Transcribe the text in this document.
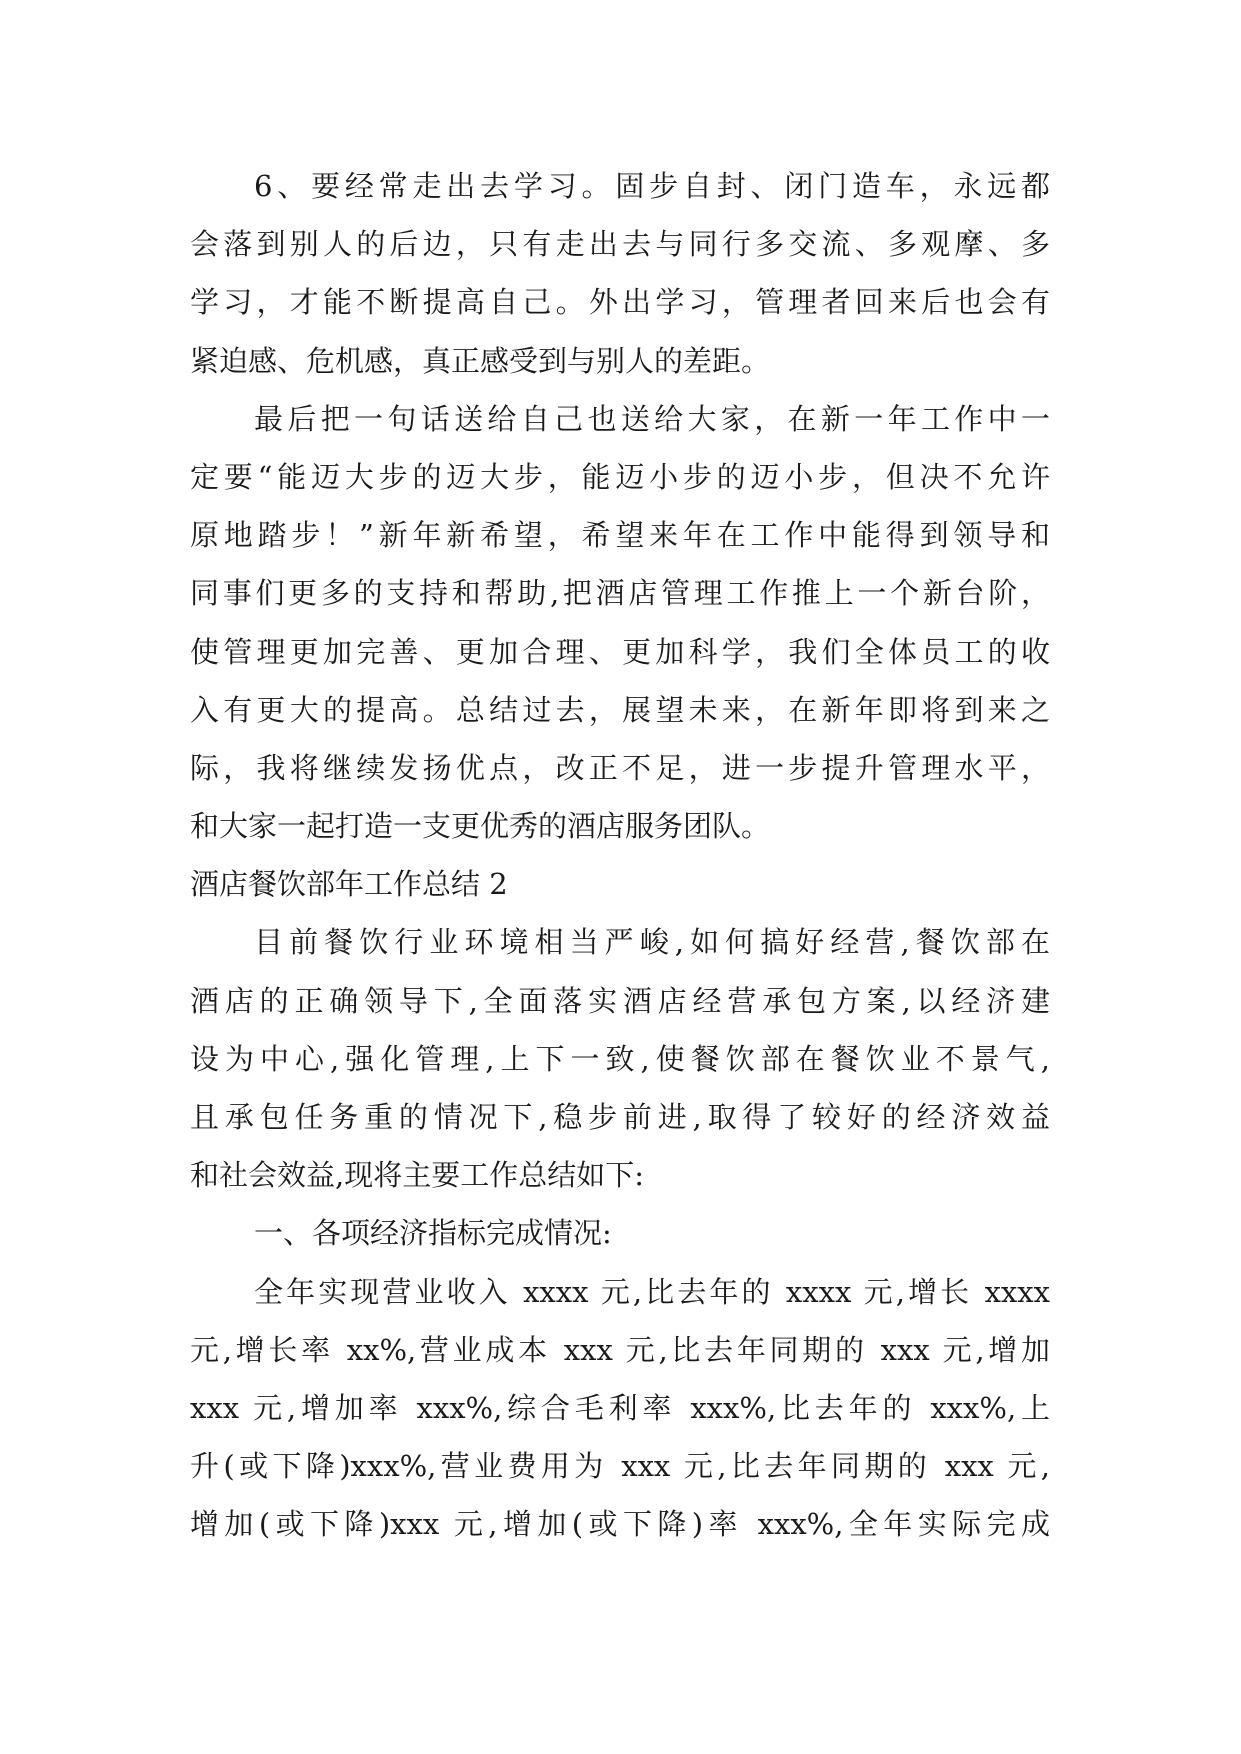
6、要经常走出去学习。固步自封、闭门造车，永远都
会落到别人的后边，只有走出去与同行多交流、多观摩、多
学习，才能不断提高自己。外出学习，管理者回来后也会有
紧迫感、危机感，真正感受到与别人的差距。
最后把一句话送给自己也送给大家，在新一年工作中一
定要“能迈大步的迈大步，能迈小步的迈小步，但决不允许
原地踏步！”新年新希望，希望来年在工作中能得到领导和
同事们更多的支持和帮助,把酒店管理工作推上一个新台阶，
使管理更加完善、更加合理、更加科学，我们全体员工的收
入有更大的提高。总结过去，展望未来，在新年即将到来之
际，我将继续发扬优点，改正不足，进一步提升管理水平，
和大家一起打造一支更优秀的酒店服务团队。
酒店餐饮部年工作总结 2
目前餐饮行业环境相当严峻,如何搞好经营,餐饮部在
酒店的正确领导下,全面落实酒店经营承包方案,以经济建
设为中心,强化管理,上下一致,使餐饮部在餐饮业不景气,
且承包任务重的情况下,稳步前进,取得了较好的经济效益
和社会效益,现将主要工作总结如下:
一、各项经济指标完成情况:
全年实现营业收入 xxxx 元,比去年的 xxxx 元,增长 xxxx
元,增长率 xx%,营业成本 xxx 元,比去年同期的 xxx 元,增加
xxx 元,增加率 xxx%,综合毛利率 xxx%,比去年的 xxx%,上
升(或下降)xxx%,营业费用为 xxx 元,比去年同期的 xxx 元,
增加(或下降)xxx 元,增加(或下降)率 xxx%,全年实际完成
